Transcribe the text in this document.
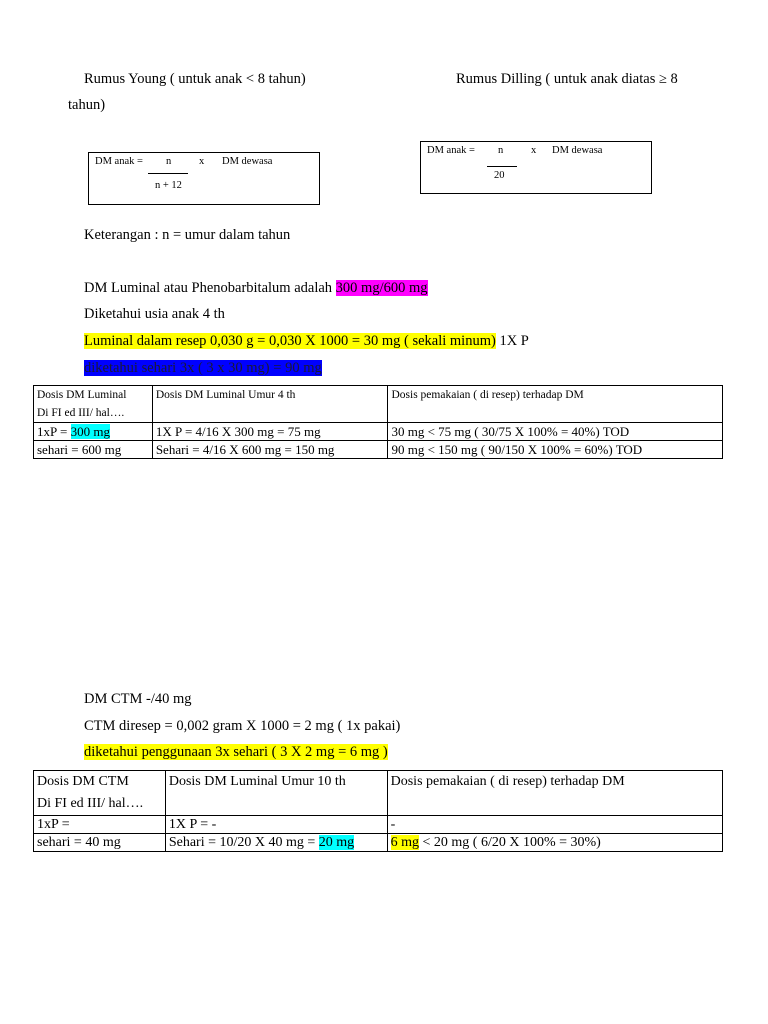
Rumus Young ( untuk anak < 8 tahun)	Rumus Dilling ( untuk anak diatas ≥ 8
tahun)
DM anak = n	x DM dewasa
n + 12
DM anak = n	x DM dewasa
20
Keterangan : n = umur dalam tahun
DM Luminal atau Phenobarbitalum adalah 300 mg/600 mg
Diketahui usia anak 4 th
Luminal dalam resep 0,030 g = 0,030 X 1000 = 30 mg ( sekali minum) 1X P
diketahui sehari 3x ( 3 x 30 mg) = 90 mg
Dosis DM Luminal
Di FI ed III/ hal….	Dosis DM Luminal Umur 4 th	Dosis pemakaian ( di resep) terhadap DM

1xP = 300 mg	1X P = 4/16 X 300 mg = 75 mg	30 mg < 75 mg ( 30/75 X 100% = 40%) TOD
sehari = 600 mg	Sehari = 4/16 X 600 mg = 150 mg	90 mg < 150 mg ( 90/150 X 100% = 60%) TOD
DM CTM -/40 mg
CTM diresep = 0,002 gram X 1000 = 2 mg ( 1x pakai)
diketahui penggunaan 3x sehari ( 3 X 2 mg = 6 mg )
Dosis DM CTM
Di FI ed III/ hal….	Dosis DM Luminal Umur 10 th	Dosis pemakaian ( di resep) terhadap DM

1xP =	1X P = -	-
sehari = 40 mg	Sehari = 10/20 X 40 mg = 20 mg	6 mg < 20 mg ( 6/20 X 100% = 30%)
